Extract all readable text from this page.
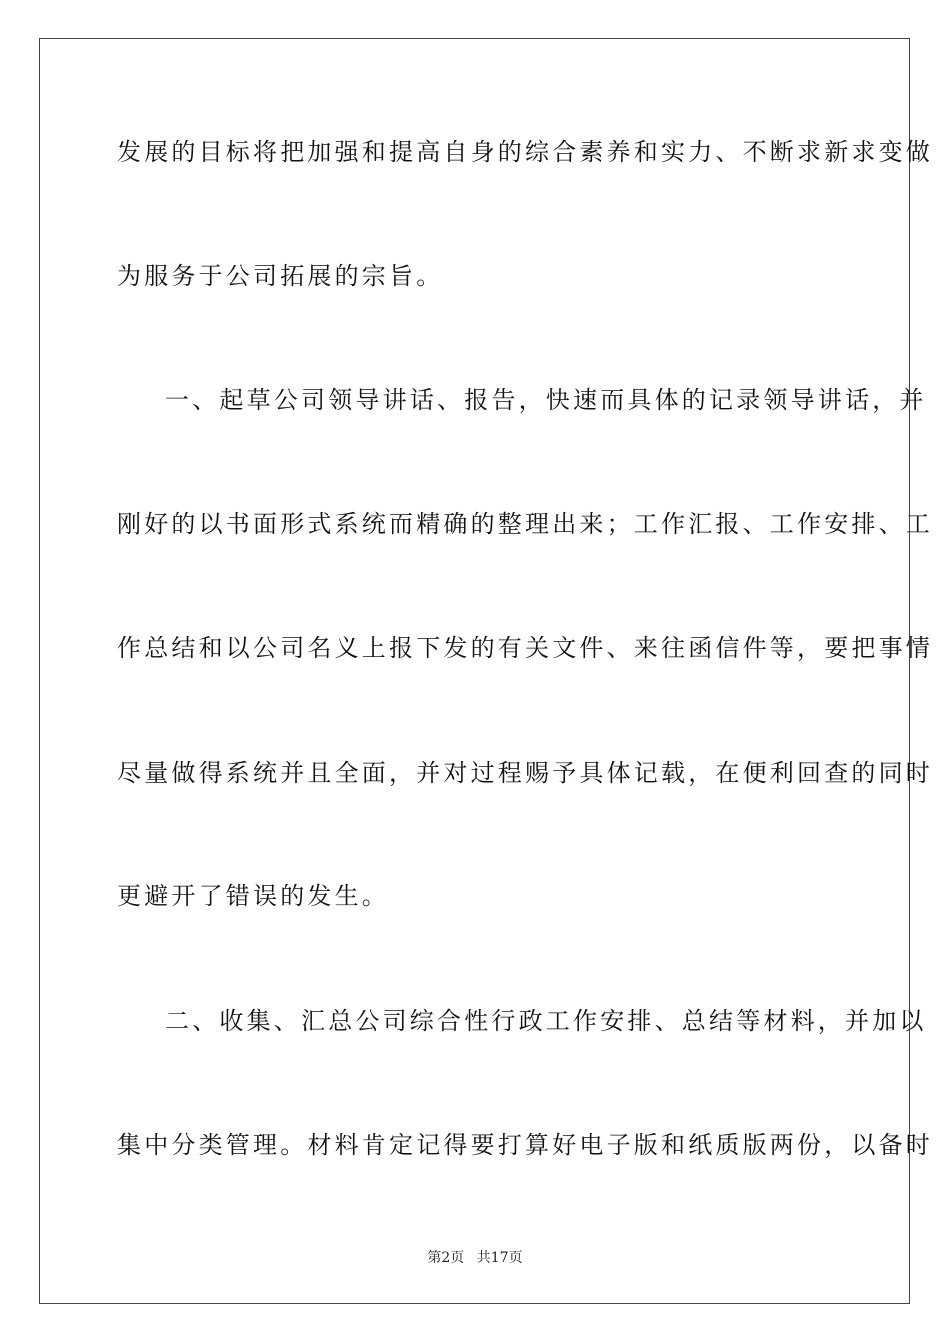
发展的目标将把加强和提高自身的综合素养和实力、不断求新求变做
为服务于公司拓展的宗旨。
一、起草公司领导讲话、报告，快速而具体的记录领导讲话，并
刚好的以书面形式系统而精确的整理出来；工作汇报、工作安排、工
作总结和以公司名义上报下发的有关文件、来往函信件等，要把事情
尽量做得系统并且全面，并对过程赐予具体记载，在便利回查的同时
更避开了错误的发生。
二、收集、汇总公司综合性行政工作安排、总结等材料，并加以
集中分类管理。材料肯定记得要打算好电子版和纸质版两份，以备时
第2页 共17页
